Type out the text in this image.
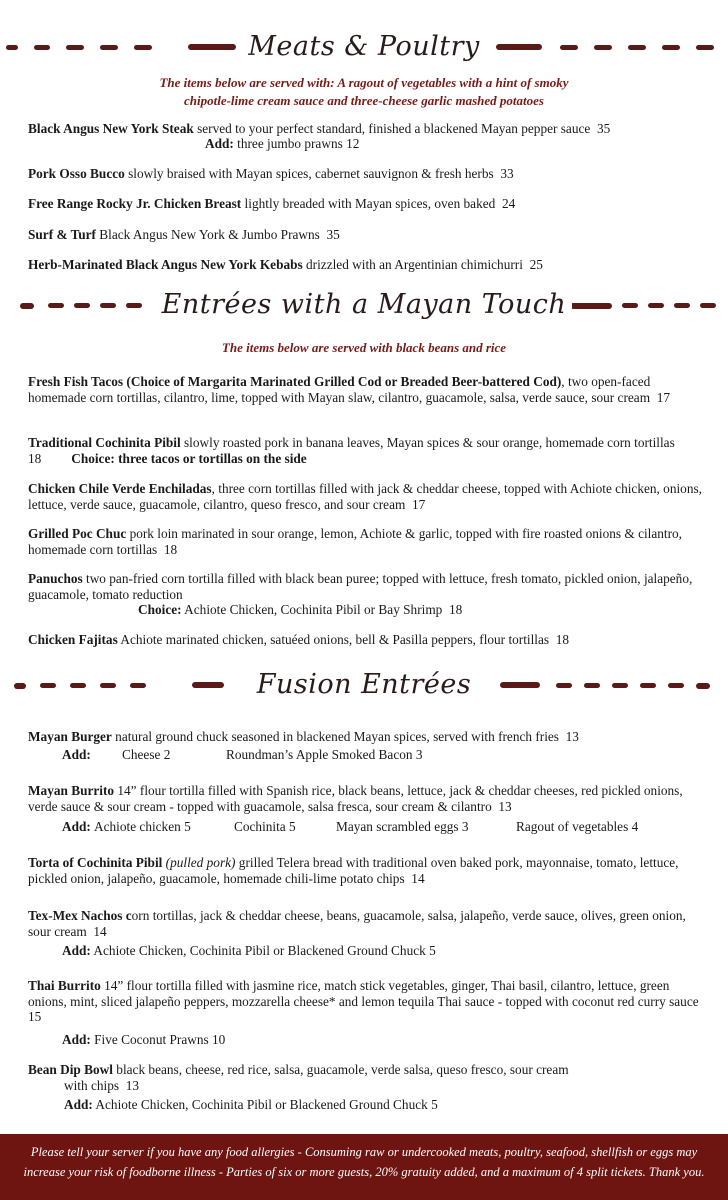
Meats & Poultry
The items below are served with: A ragout of vegetables with a hint of smoky
chipotle-lime cream sauce and three-cheese garlic mashed potatoes
Black Angus New York Steak served to your perfect standard, finished a blackened Mayan pepper sauce 35
Add: three jumbo prawns 12
Pork Osso Bucco slowly braised with Mayan spices, cabernet sauvignon & fresh herbs 33
Free Range Rocky Jr. Chicken Breast lightly breaded with Mayan spices, oven baked 24
Surf & Turf Black Angus New York & Jumbo Prawns 35
Herb-Marinated Black Angus New York Kebabs drizzled with an Argentinian chimichurri 25
Entrées with a Mayan Touch
The items below are served with black beans and rice
Fresh Fish Tacos (Choice of Margarita Marinated Grilled Cod or Breaded Beer-battered Cod), two open-faced homemade corn tortillas, cilantro, lime, topped with Mayan slaw, cilantro, guacamole, salsa, verde sauce, sour cream 17
Traditional Cochinita Pibil slowly roasted pork in banana leaves, Mayan spices & sour orange, homemade corn tortillas  18 Choice: three tacos or tortillas on the side
Chicken Chile Verde Enchiladas, three corn tortillas filled with jack & cheddar cheese, topped with Achiote chicken, onions, lettuce, verde sauce, guacamole, cilantro, queso fresco, and sour cream 17
Grilled Poc Chuc pork loin marinated in sour orange, lemon, Achiote & garlic, topped with fire roasted onions & cilantro, homemade corn tortillas 18
Panuchos two pan-fried corn tortilla filled with black bean puree; topped with lettuce, fresh tomato, pickled onion, jalapeño, guacamole, tomato reduction
Choice: Achiote Chicken, Cochinita Pibil or Bay Shrimp 18
Chicken Fajitas Achiote marinated chicken, satuéed onions, bell & Pasilla peppers, flour tortillas 18
Fusion Entrées
Mayan Burger natural ground chuck seasoned in blackened Mayan spices, served with french fries 13
Add: Cheese 2	Roundman’s Apple Smoked Bacon 3
Mayan Burrito 14” flour tortilla filled with Spanish rice, black beans, lettuce, jack & cheddar cheeses, red pickled onions, verde sauce & sour cream - topped with guacamole, salsa fresca, sour cream & cilantro 13
Add: Achiote chicken 5	Cochinita 5	Mayan scrambled eggs 3	Ragout of vegetables 4
Torta of Cochinita Pibil (pulled pork) grilled Telera bread with traditional oven baked pork, mayonnaise, tomato, lettuce, pickled onion, jalapeño, guacamole, homemade chili-lime potato chips 14
Tex-Mex Nachos corn tortillas, jack & cheddar cheese, beans, guacamole, salsa, jalapeño, verde sauce, olives, green onion, sour cream 14
Add: Achiote Chicken, Cochinita Pibil or Blackened Ground Chuck 5
Thai Burrito 14” flour tortilla filled with jasmine rice, match stick vegetables, ginger, Thai basil, cilantro, lettuce, green onions, mint, sliced jalapeño peppers, mozzarella cheese* and lemon tequila Thai sauce - topped with coconut red curry sauce  15
Add: Five Coconut Prawns 10
Bean Dip Bowl black beans, cheese, red rice, salsa, guacamole, verde salsa, queso fresco, sour cream
with chips 13
Add: Achiote Chicken, Cochinita Pibil or Blackened Ground Chuck 5
Please tell your server if you have any food allergies - Consuming raw or undercooked meats, poultry, seafood, shellfish or eggs may
increase your risk of foodborne illness - Parties of six or more guests, 20% gratuity added, and a maximum of 4 split tickets. Thank you.
